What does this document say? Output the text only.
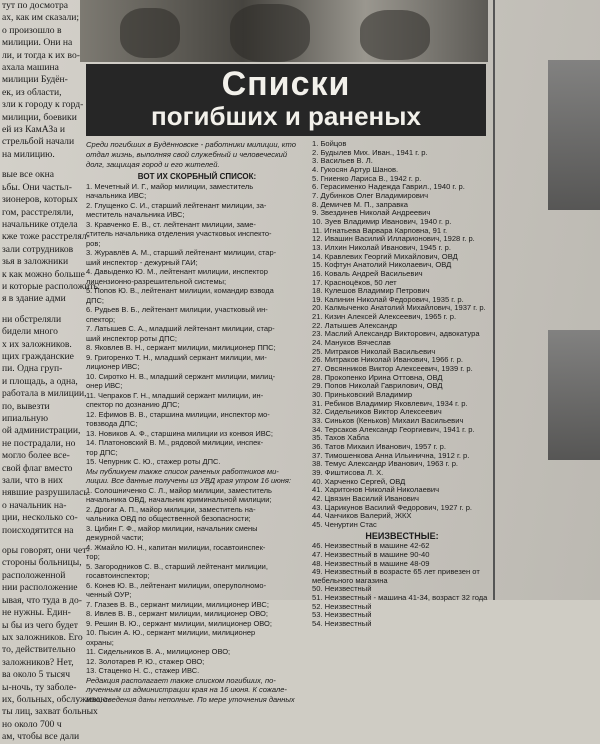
тут по досмотра
ах, как им сказали;
о произошло в
милиции. Они на
ли, и тогда к их во-
ахала машина
милиции Будён-
ек, из области,
зли к городу к горд-
милиции, боевики
ей из КамАЗа и
стрельбой начали
на милицию.
вые все окна
ьбы. Они частьл-
зионеров, которых
гом, расстреляли,
начальнике отдела
кже тоже расстрелял-
зали сотрудников
зья в заложники
к как можно больше
и которые расположить
я в здание адми
ни обстреляли
бидели много
х их заложников.
щих гражданские
пи. Одна груп-
и площадь, а одна,
работала в милиции,
по, вывезти
ипиальную
ой администрации,
не пострадали, но
могло более все-
свой флаг вместо
зали, что в них
нявшие разрушилась.
о начальник на-
ции, несколько со-
поисходятится на
оры говорят, они чет-
стороны больницы,
расположенной
нии расположение
ывая, что туда в до-
не нужны. Един-
ы бы из чего будет
ых заложников. Его
то, действительно
заложников? Нет,
ва около 5 тысяч
ы-ночь, ту заболе-
их, больных, обслуживаю-
ты лиц, захват больных
но около 700 ч
ам, чтобы все дали
Списки
погибших и раненых
Среди погибших в Будённовске - работники милиции, кто отдал жизнь, выполняя свой служебный и человеческий долг, защищая город и его жителей.
ВОТ ИХ СКОРБНЫЙ СПИСОК:
1. Мечетный И. Г., майор милиции, заместитель
начальника ИВС;
2. Глущенко С. И., старший лейтенант милиции, за-
меститель начальника ИВС;
3. Кравченко Е. В., ст. лейтенант милиции, заме-
ститель начальника отделения участковых инспекто-
ров;
3. Журавлёв А. М., старший лейтенант милиции, стар-
ший инспектор - дежурный ГАИ;
4. Давыденко Ю. М., лейтенант милиции, инспектор
лицензионно-разрешительной системы;
5. Попов Ю. В., лейтенант милиции, командир взвода
ДПС;
6. Рудьев В. Б., лейтенант милиции, участковый ин-
спектор;
7. Латышев С. А., младший лейтенант милиции, стар-
ший инспектор роты ДПС;
8. Яковлев В. Н., сержант милиции, милиционер ППС;
9. Григоренко Т. Н., младший сержант милиции, ми-
лиционер ИВС;
10. Сиротко Н. В., младший сержант милиции, милиц-
онер ИВС;
11. Чепраков Г. Н., младший сержант милиции, ин-
спектор по дознанию ДПС;
12. Ефимов В. В., старшина милиции, инспектор мо-
товзвода ДПС;
13. Новиков А. Ф., старшина милиции из конвоя ИВС;
14. Платоновский В. М., рядовой милиции, инспек-
тор ДПС;
15. Чепурник С. Ю., стажер роты ДПС.
Мы публикуем также список раненых работников ми-
лиции. Все данные получены из УВД края утром 16 июня:
1. Солошниченко С. Л., майор милиции, заместитель
начальника ОВД, начальник криминальной милиции;
2. Дрогаг А. П., майор милиции, заместитель на-
чальника ОВД по общественной безопасности;
3. Цибин Г. Ф., майор милиции, начальник смены
дежурной части;
4. Жмайло Ю. Н., капитан милиции, госавтоинспек-
тор;
5. Загородников С. В., старший лейтенант милиции,
госавтоинспектор;
6. Конев Ю. В., лейтенант милиции, оперуполномо-
ченный ОУР;
7. Глазев В. В., сержант милиции, милиционер ИВС;
8. Ивлев В. В., сержант милиции, милиционер ОВО;
9. Решин В. Ю., сержант милиции, милиционер ОВО;
10. Пысин А. Ю., сержант милиции, милиционер
охраны;
11. Сидельников В. А., милиционер ОВО;
12. Золотарев Р. Ю., стажер ОВО;
13. Стаценко Н. С., стажер ИВС.
Редакция располагает также списком погибших, по-
лученным из администрации края на 16 июня. К сожале-
нию, сведения даны неполные. По мере уточнения данных
1. Бойцов
2. Будылев Мих. Иван., 1941 г. р.
3. Васильев В. Л.
4. Гукосян Артур Шанов.
5. Гниенко Лариса В., 1942 г. р.
6. Герасименко Надежда Гаврил., 1940 г. р.
7. Дубинков Олег Владимирович
8. Демичев М. П., заправка
9. Звездинев Николай Андреевич
10. Зуев Владимир Иванович, 1940 г. р.
11. Игнатьева Варвара Карповна, 91 г.
12. Ивашин Василий Илларионович, 1928 г. р.
13. Илхин Николай Иванович, 1945 г. р.
14. Кравлевих Георгий Михайлович, ОВД
15. Кофтун Анатолий Николаевич, ОВД
16. Коваль Андрей Васильевич
17. Красноцёков, 50 лет
18. Кулешов Владимир Петрович
19. Калинин Николай Федорович, 1935 г. р.
20. Калмыченко Анатолий Михайлович, 1937 г. р.
21. Кизин Алексей Алексеевич, 1965 г. р.
22. Латышев Александр
23. Маслий Александр Викторович, адвокатура
24. Мануков Вячеслав
25. Митраков Николай Васильевич
26. Митраков Николай Иванович, 1966 г. р.
27. Овсянников Виктор Алексеевич, 1939 г. р.
28. Прокопенко Ирина Оттовна, ОВД
29. Попов Николай Гаврилович, ОВД
30. Приньковский Владимир
31. Ребиков Владимир Яковлевич, 1934 г. р.
32. Сидельников Виктор Алексеевич
33. Синьков (Кеньков) Михаил Васильевич
34. Терсаков Александр Георгиевич, 1941 г. р.
35. Тахов Хабла
36. Татов Михаил Иванович, 1957 г. р.
37. Тимошенкова Анна Ильинична, 1912 г. р.
38. Темус Александр Иванович, 1963 г. р.
39. Фиштисова Л. Х.
40. Харченко Сергей, ОВД
41. Харитонов Николай Николаевич
42. Цвязин Василий Иванович
43. Царикунов Василий Федорович, 1927 г. р.
44. Чанчиков Валерий, ЖКХ
45. Ченуртин Стас
НЕИЗВЕСТНЫЕ:
46. Неизвестный в машине 42-62
47. Неизвестный в машине 90-40
48. Неизвестный в машине 48-09
49. Неизвестный в возрасте 65 лет привезен от
мебельного магазина
50. Неизвестный
51. Неизвестный - машина 41-34, возраст 32 года
52. Неизвестный
53. Неизвестный
54. Неизвестный
